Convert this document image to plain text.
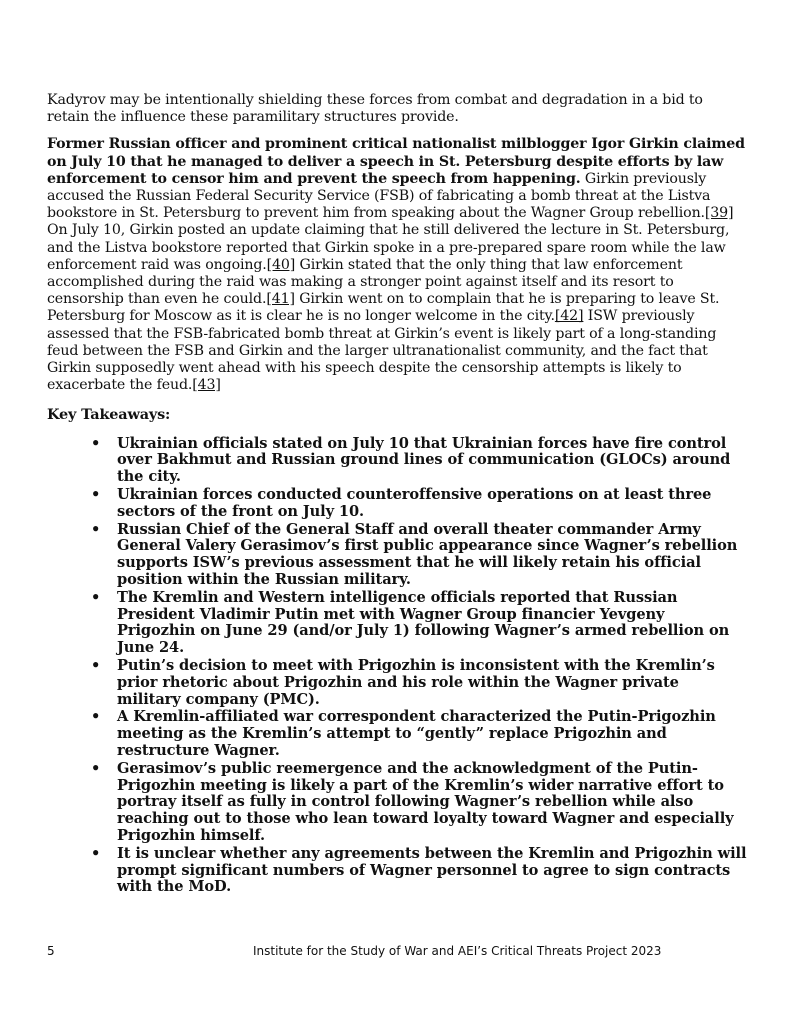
Kadyrov may be intentionally shielding these forces from combat and degradation in a bid to retain the influence these paramilitary structures provide.

Former Russian officer and prominent critical nationalist milblogger Igor Girkin claimed on July 10 that he managed to deliver a speech in St. Petersburg despite efforts by law enforcement to censor him and prevent the speech from happening. Girkin previously accused the Russian Federal Security Service (FSB) of fabricating a bomb threat at the Listva bookstore in St. Petersburg to prevent him from speaking about the Wagner Group rebellion.[39] On July 10, Girkin posted an update claiming that he still delivered the lecture in St. Petersburg, and the Listva bookstore reported that Girkin spoke in a pre-prepared spare room while the law enforcement raid was ongoing.[40] Girkin stated that the only thing that law enforcement accomplished during the raid was making a stronger point against itself and its resort to censorship than even he could.[41] Girkin went on to complain that he is preparing to leave St. Petersburg for Moscow as it is clear he is no longer welcome in the city.[42] ISW previously assessed that the FSB-fabricated bomb threat at Girkin’s event is likely part of a long-standing feud between the FSB and Girkin and the larger ultranationalist community, and the fact that Girkin supposedly went ahead with his speech despite the censorship attempts is likely to exacerbate the feud.[43]

Key Takeaways:

• Ukrainian officials stated on July 10 that Ukrainian forces have fire control over Bakhmut and Russian ground lines of communication (GLOCs) around the city.
• Ukrainian forces conducted counteroffensive operations on at least three sectors of the front on July 10.
• Russian Chief of the General Staff and overall theater commander Army General Valery Gerasimov’s first public appearance since Wagner’s rebellion supports ISW’s previous assessment that he will likely retain his official position within the Russian military.
• The Kremlin and Western intelligence officials reported that Russian President Vladimir Putin met with Wagner Group financier Yevgeny Prigozhin on June 29 (and/or July 1) following Wagner’s armed rebellion on June 24.
• Putin’s decision to meet with Prigozhin is inconsistent with the Kremlin’s prior rhetoric about Prigozhin and his role within the Wagner private military company (PMC).
• A Kremlin-affiliated war correspondent characterized the Putin-Prigozhin meeting as the Kremlin’s attempt to “gently” replace Prigozhin and restructure Wagner.
• Gerasimov’s public reemergence and the acknowledgment of the Putin-Prigozhin meeting is likely a part of the Kremlin’s wider narrative effort to portray itself as fully in control following Wagner’s rebellion while also reaching out to those who lean toward loyalty toward Wagner and especially Prigozhin himself.
• It is unclear whether any agreements between the Kremlin and Prigozhin will prompt significant numbers of Wagner personnel to agree to sign contracts with the MoD.
5	Institute for the Study of War and AEI’s Critical Threats Project 2023
